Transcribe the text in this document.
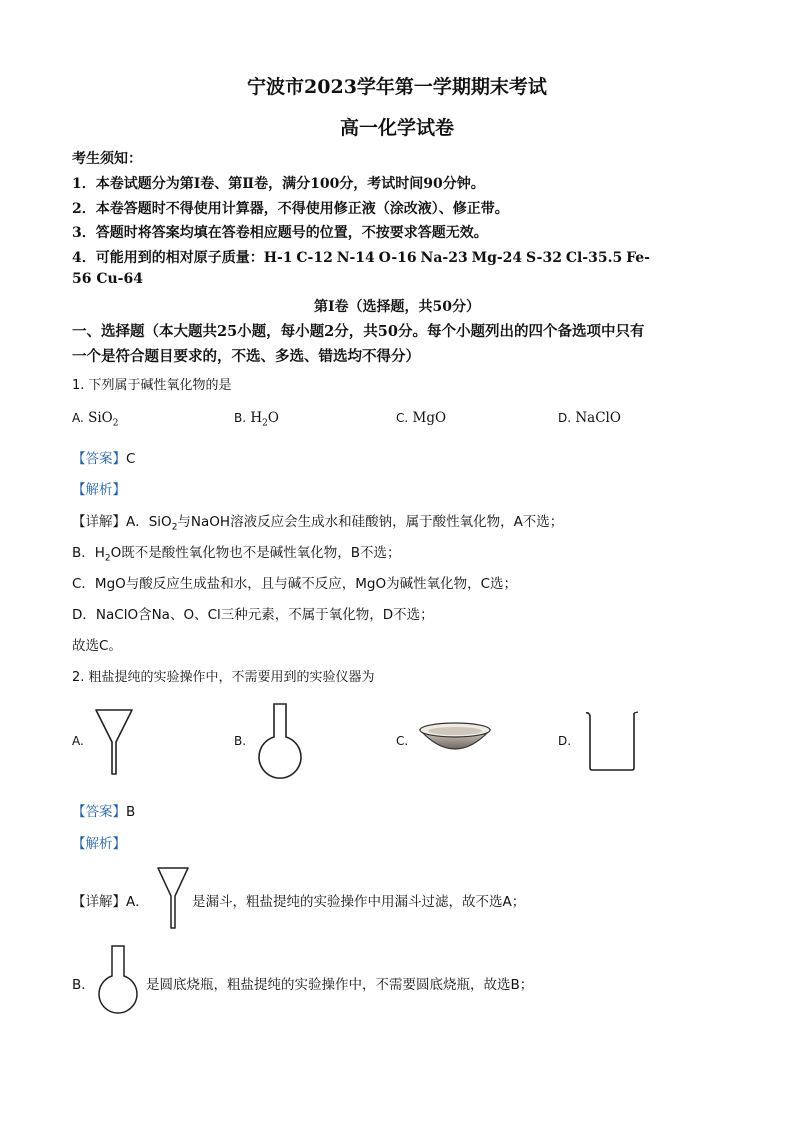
宁波市2023学年第一学期期末考试
高一化学试卷
考生须知：
1．本卷试题分为第Ⅰ卷、第Ⅱ卷，满分100分，考试时间90分钟。
2．本卷答题时不得使用计算器，不得使用修正液（涂改液）、修正带。
3．答题时将答案均填在答卷相应题号的位置，不按要求答题无效。
4．可能用到的相对原子质量：H-1 C-12 N-14 O-16 Na-23 Mg-24 S-32 Cl-35.5 Fe-
56 Cu-64
第Ⅰ卷（选择题，共50分）
一、选择题（本大题共25小题，每小题2分，共50分。每个小题列出的四个备选项中只有
一个是符合题目要求的，不选、多选、错选均不得分）
1. 下列属于碱性氧化物的是
A. SiO$_2$	B. $H_2O$	C. MgO	D. NaClO
【答案】C
【解析】
【详解】A．SiO$_2$与NaOH溶液反应会生成水和硅酸钠，属于酸性氧化物，A不选；
B．$H_2O$既不是酸性氧化物也不是碱性氧化物，B不选；
C．MgO与酸反应生成盐和水，且与碱不反应，MgO为碱性氧化物，C选；
D．NaClO含Na、O、Cl三种元素，不属于氧化物，D不选；
故选C。
2. 粗盐提纯的实验操作中，不需要用到的实验仪器为
A.	B.	C.	D.
【答案】B
【解析】
【详解】A．	是漏斗，粗盐提纯的实验操作中用漏斗过滤，故不选A；
B．	是圆底烧瓶，粗盐提纯的实验操作中，不需要圆底烧瓶，故选B；
